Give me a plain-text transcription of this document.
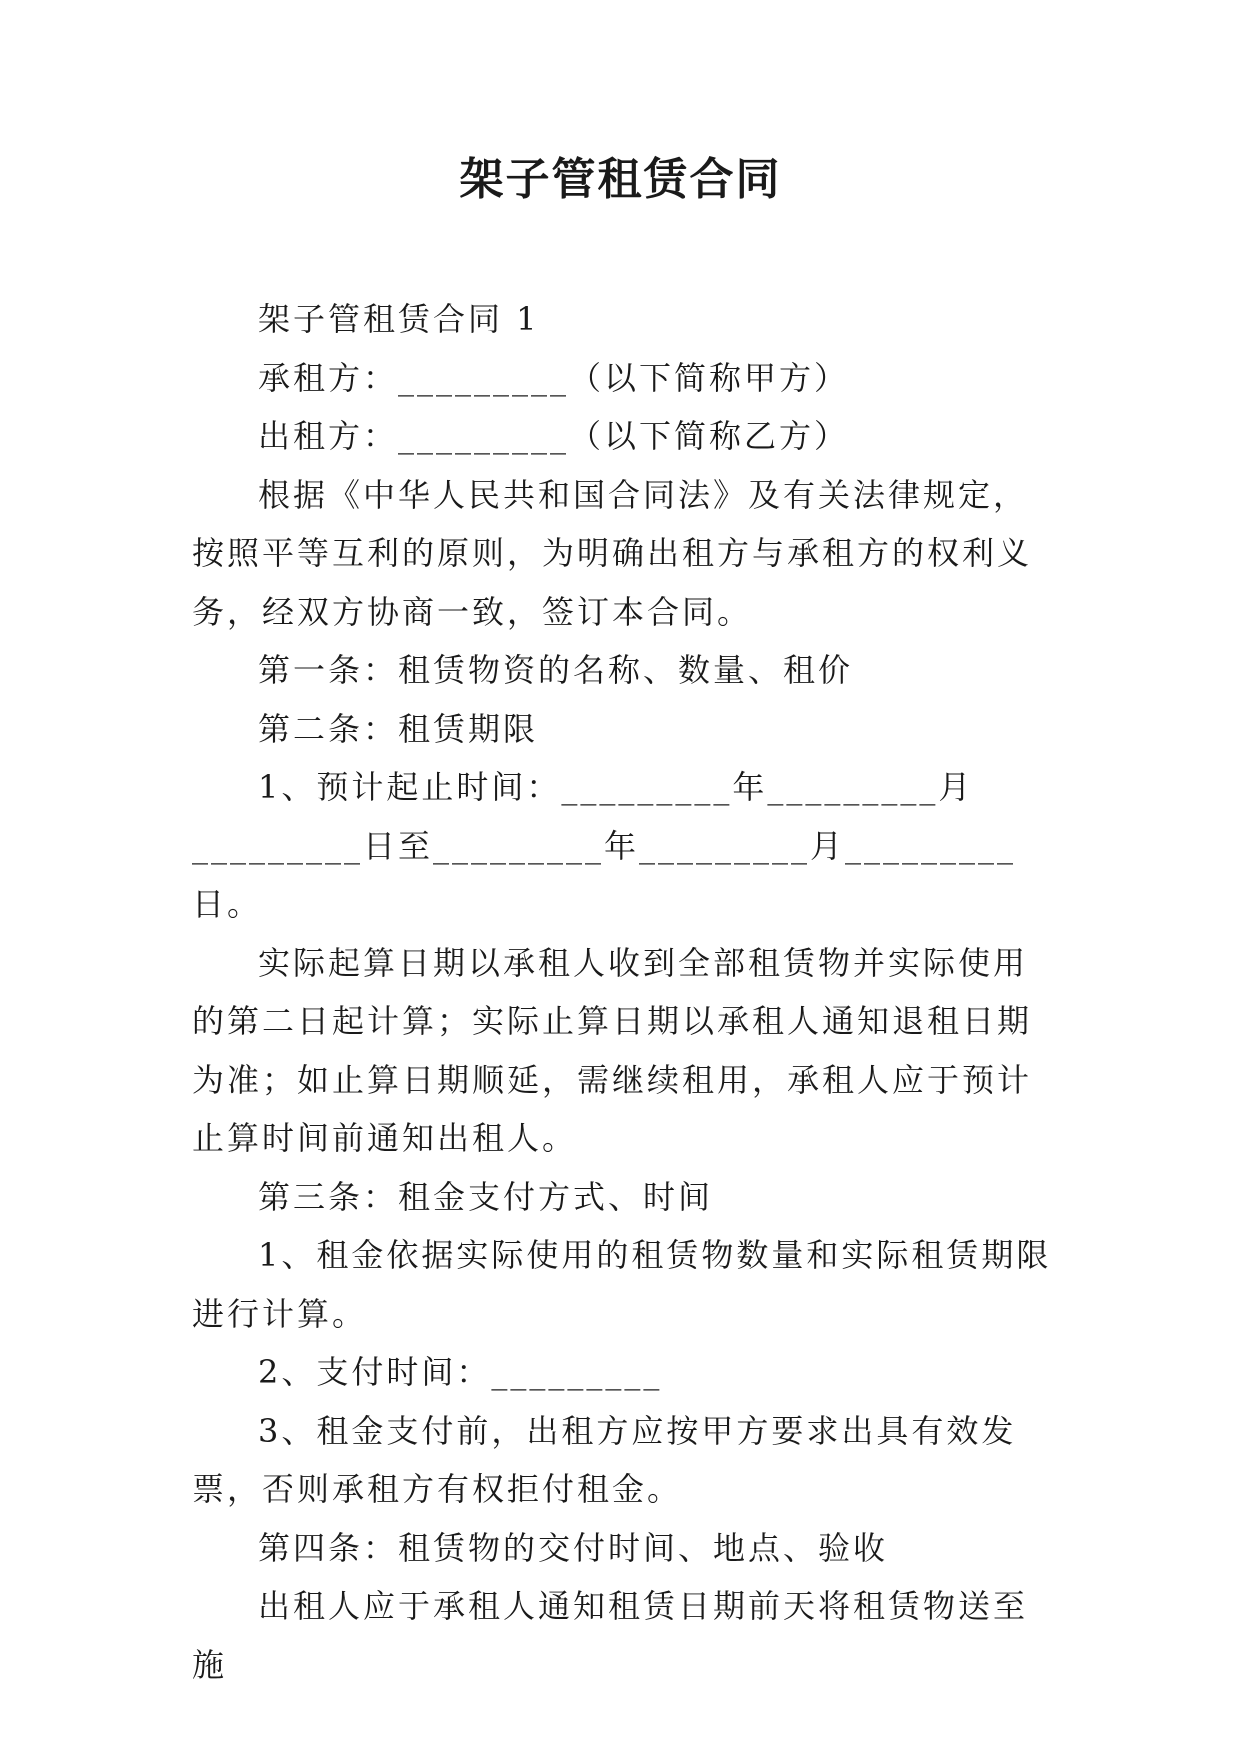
架子管租赁合同

架子管租赁合同 1

承租方：_________（以下简称甲方）

出租方：_________（以下简称乙方）

根据《中华人民共和国合同法》及有关法律规定，按照平等互利的原则，为明确出租方与承租方的权利义务，经双方协商一致，签订本合同。

第一条：租赁物资的名称、数量、租价

第二条：租赁期限

1、预计起止时间：_________年_________月_________日至_________年_________月_________日。

实际起算日期以承租人收到全部租赁物并实际使用的第二日起计算；实际止算日期以承租人通知退租日期为准；如止算日期顺延，需继续租用，承租人应于预计止算时间前通知出租人。

第三条：租金支付方式、时间

1、租金依据实际使用的租赁物数量和实际租赁期限进行计算。

2、支付时间：_________

3、租金支付前，出租方应按甲方要求出具有效发票，否则承租方有权拒付租金。

第四条：租赁物的交付时间、地点、验收

出租人应于承租人通知租赁日期前天将租赁物送至施
